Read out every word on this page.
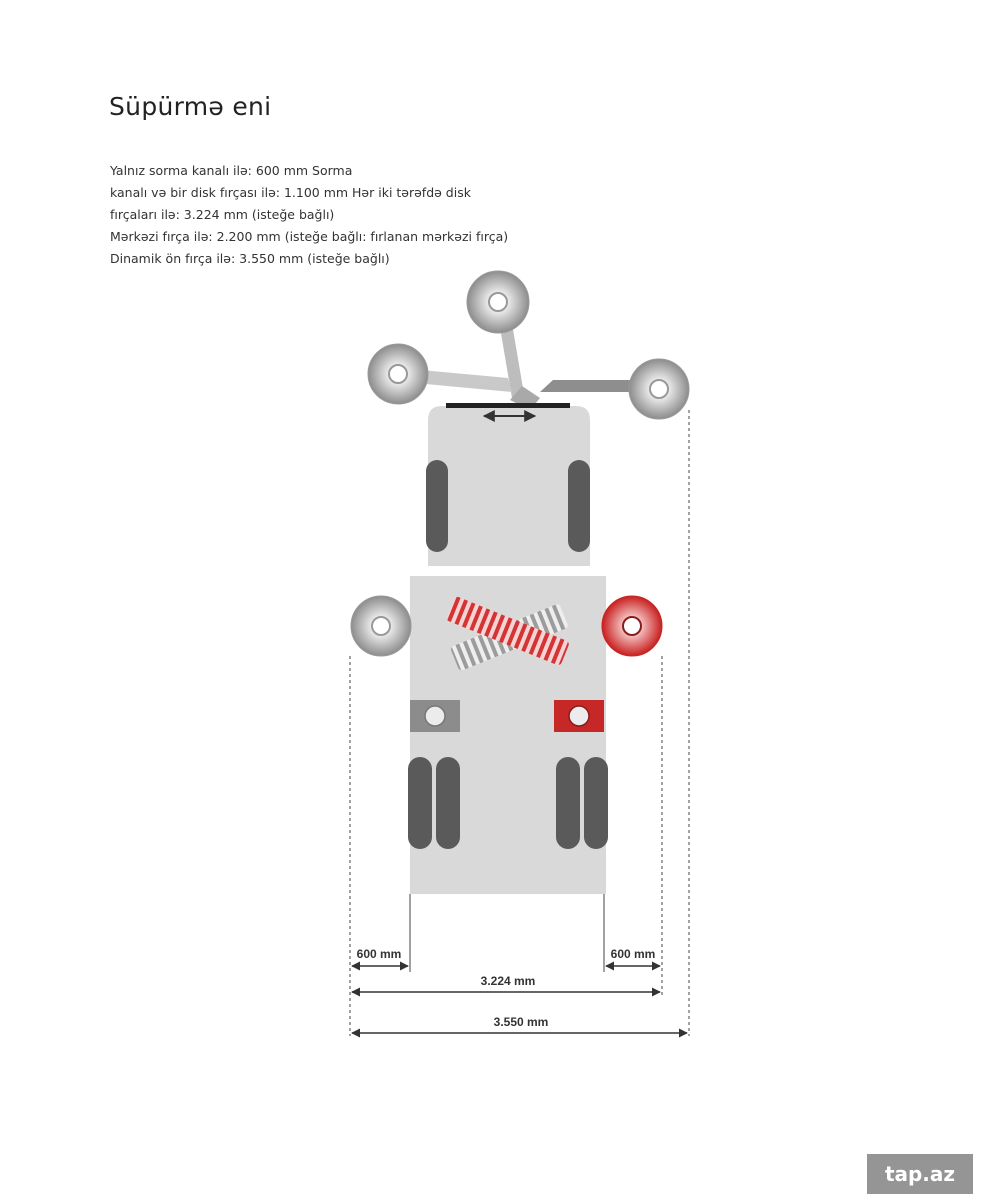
Süpürmə eni
Yalnız sorma kanalı ilə: 600 mm Sorma
kanalı və bir disk fırçası ilə: 1.100 mm Hər iki tərəfdə disk
fırçaları ilə: 3.224 mm (isteğe bağlı)
Mərkəzi fırça ilə: 2.200 mm (isteğe bağlı: fırlanan mərkəzi fırça)
Dinamik ön fırça ilə: 3.550 mm (isteğe bağlı)
600 mm	600 mm
3.224 mm
3.550 mm
tap.az
